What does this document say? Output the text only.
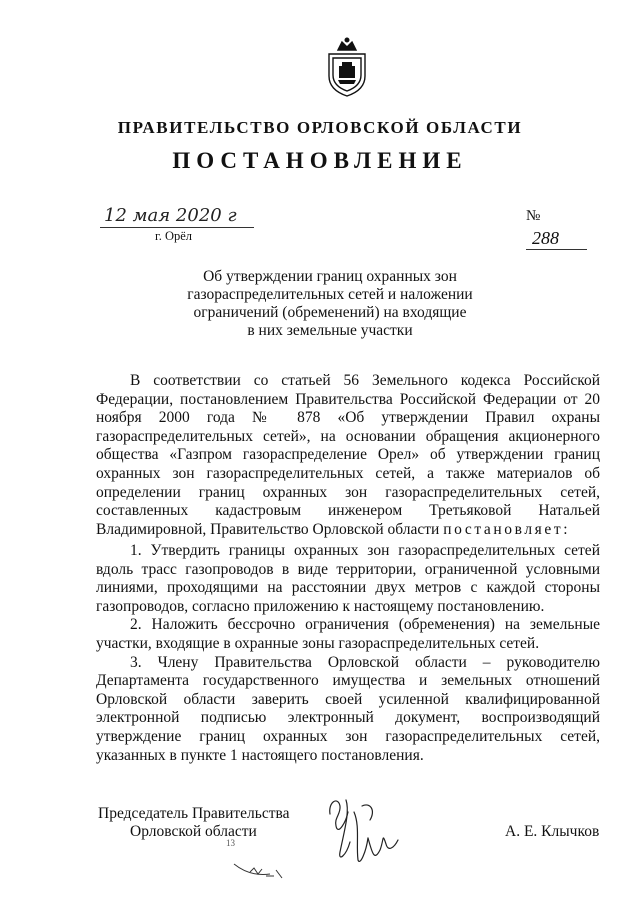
ПРАВИТЕЛЬСТВО ОРЛОВСКОЙ ОБЛАСТИ
ПОСТАНОВЛЕНИЕ
12 мая 2020 г
г. Орёл
№ 288
Об утверждении границ охранных зон
газораспределительных сетей и наложении
ограничений (обременений) на входящие
в них земельные участки

В соответствии со статьей 56 Земельного кодекса Российской Федерации, постановлением Правительства Российской Федерации от 20 ноября 2000 года № 878 «Об утверждении Правил охраны газораспределительных сетей», на основании обращения акционерного общества «Газпром газораспределение Орел» об утверждении границ охранных зон газораспределительных сетей, а также материалов об определении границ охранных зон газораспределительных сетей, составленных кадастровым инженером Третьяковой Натальей Владимировной, Правительство Орловской области постановляет:

1. Утвердить границы охранных зон газораспределительных сетей вдоль трасс газопроводов в виде территории, ограниченной условными линиями, проходящими на расстоянии двух метров с каждой стороны газопроводов, согласно приложению к настоящему постановлению.

2. Наложить бессрочно ограничения (обременения) на земельные участки, входящие в охранные зоны газораспределительных сетей.

3. Члену Правительства Орловской области – руководителю Департамента государственного имущества и земельных отношений Орловской области заверить своей усиленной квалифицированной электронной подписью электронный документ, воспроизводящий утверждение границ охранных зон газораспределительных сетей, указанных в пункте 1 настоящего постановления.

Председатель Правительства
Орловской области
13
А. Е. Клычков
